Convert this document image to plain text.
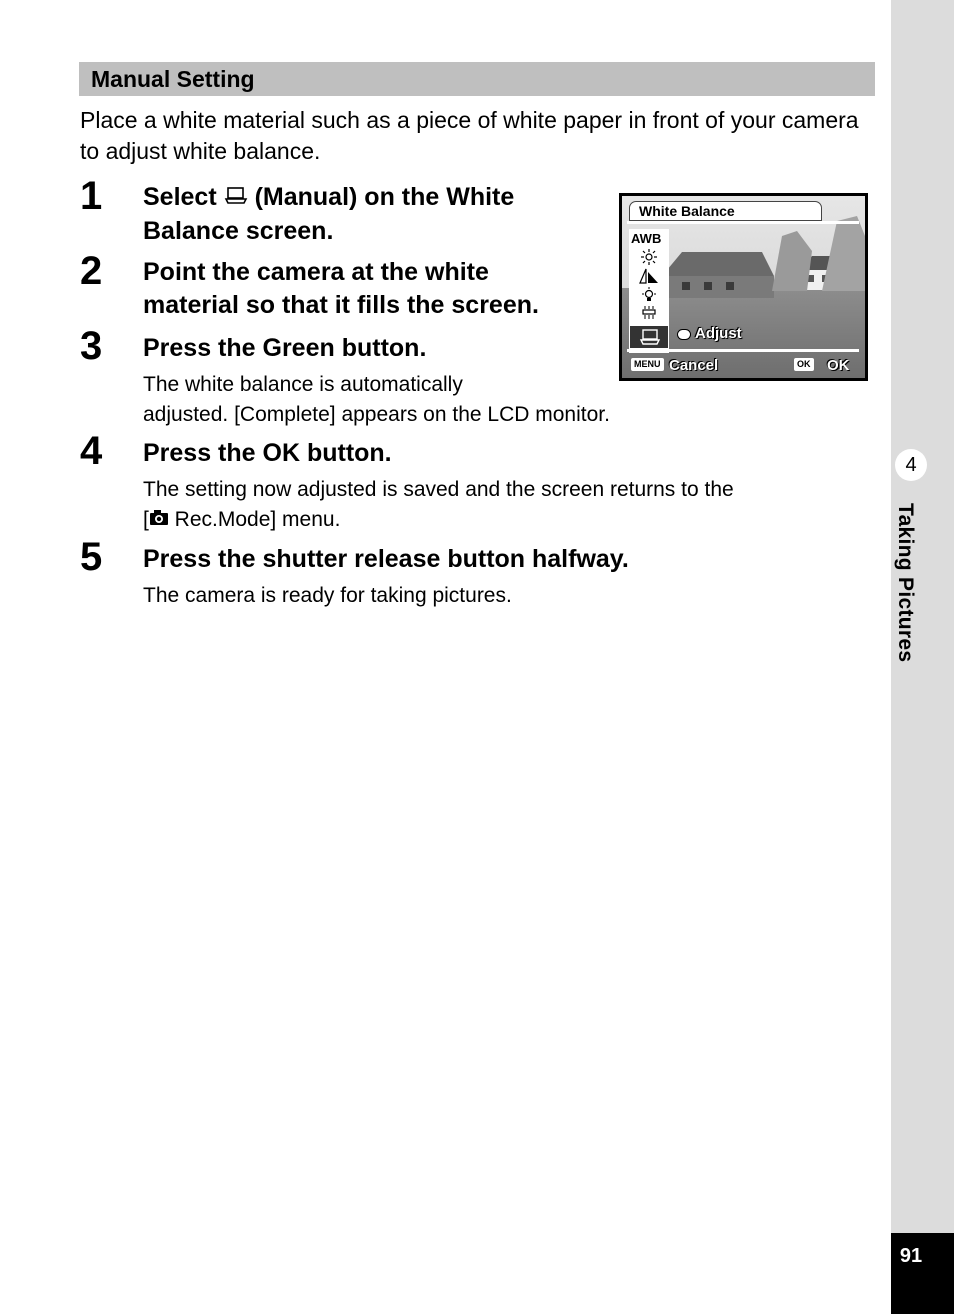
4
Taking Pictures
91
Manual Setting

Place a white material such as a piece of white paper in front of your camera to adjust white balance.

1 Select (Manual) on the White
Balance screen.

2 Point the camera at the white
material so that it fills the screen.

3 Press the Green button.

The white balance is automatically
adjusted. [Complete] appears on the LCD monitor.

4 Press the OK button.

The setting now adjusted is saved and the screen returns to the
[ Rec.Mode] menu.

5 Press the shutter release button halfway.

The camera is ready for taking pictures.

White Balance
AWB
Adjust
MENU Cancel	OK OK
